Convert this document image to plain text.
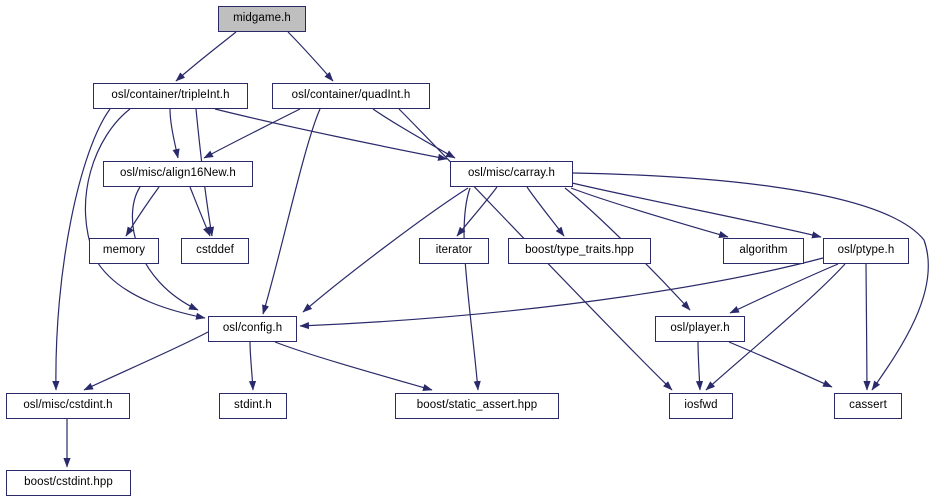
midgame.h
osl/container/tripleInt.h	osl/container/quadInt.h
osl/misc/align16New.h	osl/misc/carray.h
memory	cstddef	iterator	boost/type_traits.hpp	algorithm	osl/ptype.h
osl/config.h	osl/player.h
osl/misc/cstdint.h	stdint.h	boost/static_assert.hpp	iosfwd	cassert
boost/cstdint.hpp
